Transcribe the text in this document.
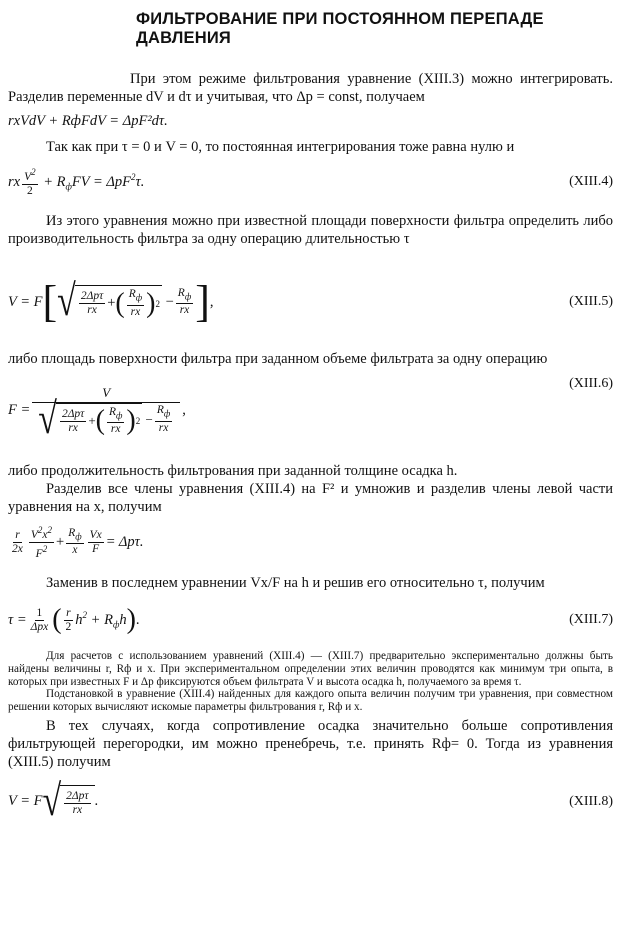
ФИЛЬТРОВАНИЕ ПРИ ПОСТОЯННОМ ПЕРЕПАДЕ ДАВЛЕНИЯ

При этом режиме фильтрования уравнение (XIII.3) можно интегрировать. Разделив переменные dV и dτ и учитывая, что Δp = const, получаем

rxVdV + RфFdV = ΔpF²dτ.

Так как при τ = 0 и V = 0, то постоянная интегрирования тоже равна нулю и

rx $\frac{V^2}{2} + R_фFV = \Delta pF^2\tau$.	(XIII.4)

Из этого уравнения можно при известной площади поверхности фильтра определить либо производительность фильтра за одну операцию длительностью τ

V = F [ √ $\frac{\text{2Δpτ}}{rx}$ + ( $\frac{R_ф}{rx}$ ) $2 - \frac{R_ф}{rx}$ ] ,	(XIII.5)

либо площадь поверхности фильтра при заданном объеме фильтрата за одну операцию

F =
V
√ $\frac{\text{2Δpτ}}{rx}$ + ( $\frac{R_ф}{rx}$ ) $2 - \frac{R_ф}{rx}$ ,
(XIII.6)

либо продолжительность фильтрования при заданной толщине осадка h.

Разделив все члены уравнения (XIII.4) на F² и умножив и разделив члены левой части уравнения на x, получим

$\frac{r}{2x} \frac{V^2x^2}{F^2} + \frac{R_ф}{x} \frac{Vx}{F} = \Delta p\tau$.

Заменив в последнем уравнении Vx/F на h и решив его относительно τ, получим

$\tau = \frac{1}{\text{Δpx}}$ ( $\frac{r}{2} h^2 + R_фh$ ) .	(XIII.7)

Для расчетов с использованием уравнений (XIII.4) — (XIII.7) предварительно экспериментально должны быть найдены величины r, Rф и x. При экспериментальном определении этих величин проводятся как минимум три опыта, в которых при известных F и Δp фиксируются объем фильтрата V и высота осадка h, получаемого за время τ.

Подстановкой в уравнение (XIII.4) найденных для каждого опыта величин получим три уравнения, при совместном решении которых вычисляют искомые параметры фильтрования r, Rф и x.

В тех случаях, когда сопротивление осадка значительно больше сопротивления фильтрующей перегородки, им можно пренебречь, т.е. принять Rф= 0. Тогда из уравнения (XIII.5) получим

V = F √ $\frac{\text{2Δpτ}}{rx}$ .	(XIII.8)
